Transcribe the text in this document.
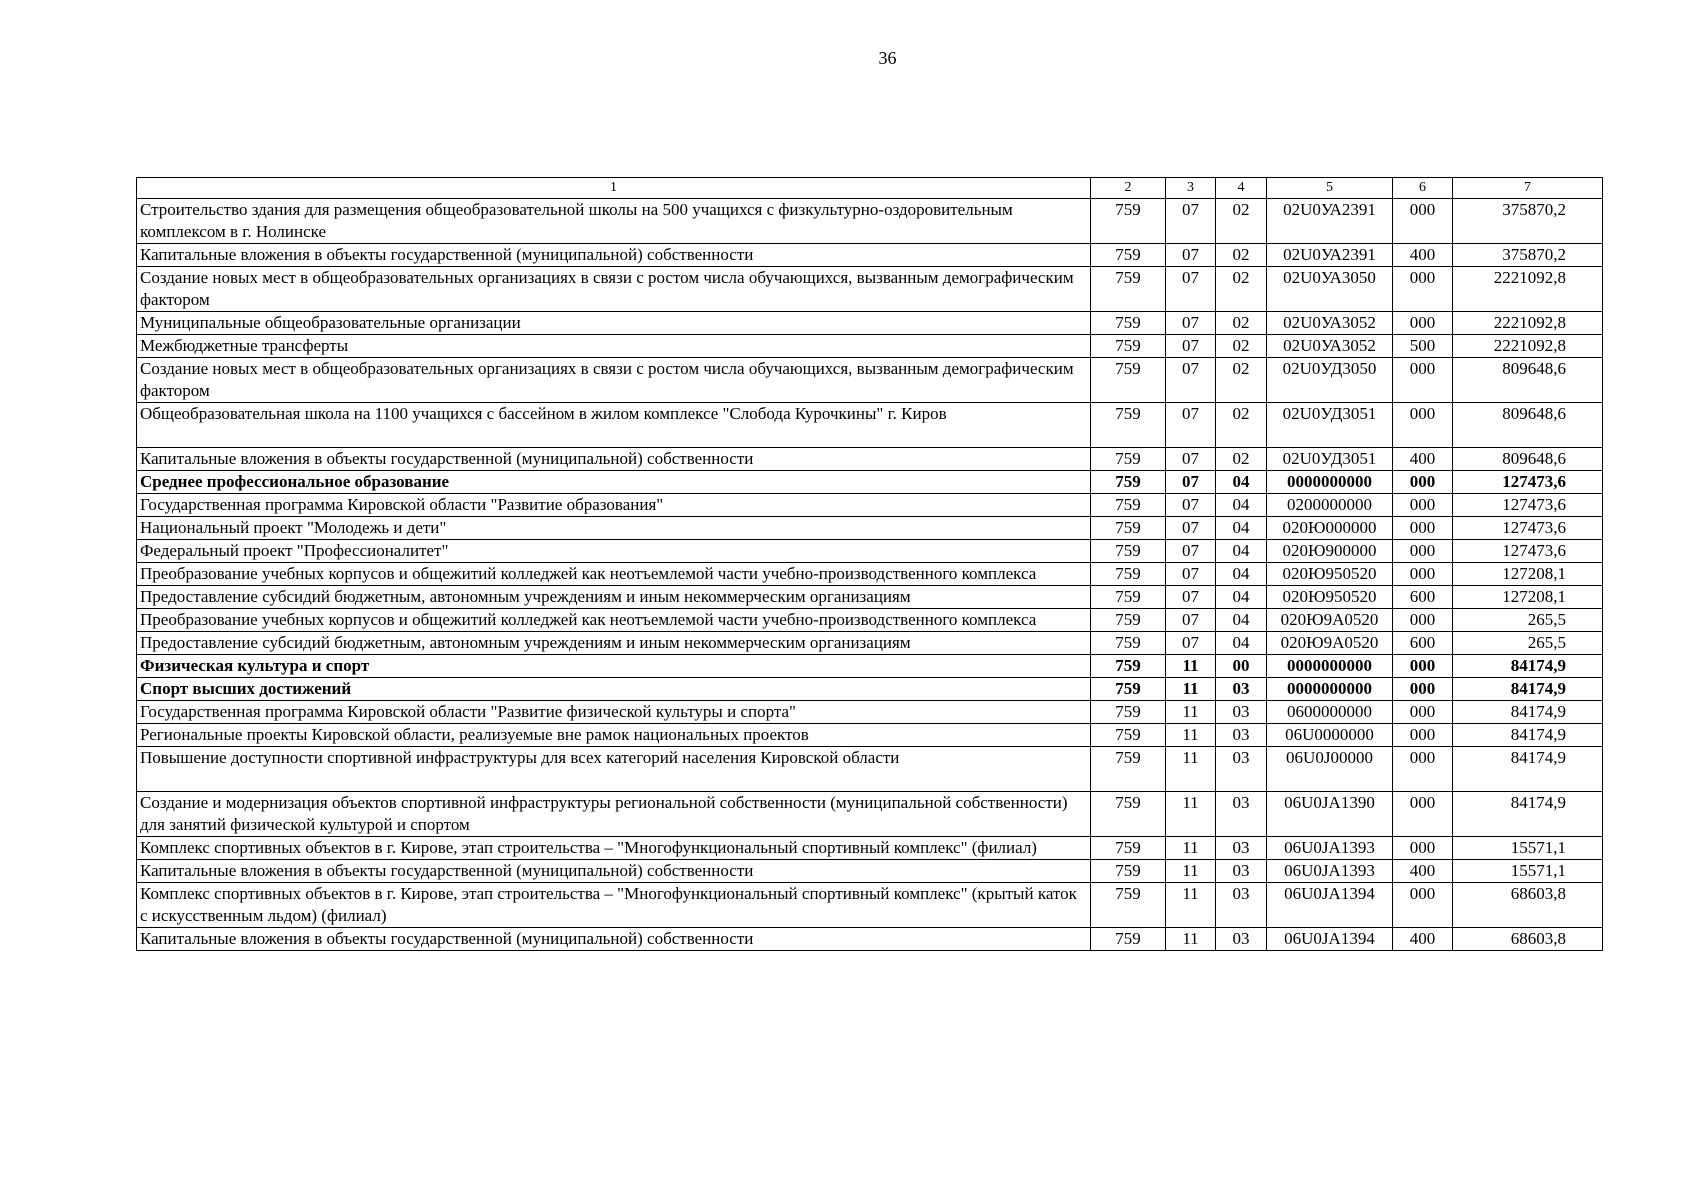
36
1	2	3	4	5	6	7
Строительство здания для размещения общеобразовательной школы на 500 учащихся с физкультурно-оздоровительным комплексом в г. Нолинске	759	07	02	02U0УА2391	000	375870,2
Капитальные вложения в объекты государственной (муниципальной) собственности	759	07	02	02U0УА2391	400	375870,2
Создание новых мест в общеобразовательных организациях в связи с ростом числа обучающихся, вызванным демографическим фактором	759	07	02	02U0УА3050	000	2221092,8
Муниципальные общеобразовательные организации	759	07	02	02U0УА3052	000	2221092,8
Межбюджетные трансферты	759	07	02	02U0УА3052	500	2221092,8
Создание новых мест в общеобразовательных организациях в связи с ростом числа обучающихся, вызванным демографическим фактором	759	07	02	02U0УД3050	000	809648,6
Общеобразовательная школа на 1100 учащихся с бассейном в жилом комплексе "Слобода Курочкины" г. Киров	759	07	02	02U0УД3051	000	809648,6
Капитальные вложения в объекты государственной (муниципальной) собственности	759	07	02	02U0УД3051	400	809648,6
Среднее профессиональное образование	759	07	04	0000000000	000	127473,6
Государственная программа Кировской области "Развитие образования"	759	07	04	0200000000	000	127473,6
Национальный проект "Молодежь и дети"	759	07	04	020Ю000000	000	127473,6
Федеральный проект "Профессионалитет"	759	07	04	020Ю900000	000	127473,6
Преобразование учебных корпусов и общежитий колледжей как неотъемлемой части учебно-производственного комплекса	759	07	04	020Ю950520	000	127208,1
Предоставление субсидий бюджетным, автономным учреждениям и иным некоммерческим организациям	759	07	04	020Ю950520	600	127208,1
Преобразование учебных корпусов и общежитий колледжей как неотъемлемой части учебно-производственного комплекса	759	07	04	020Ю9А0520	000	265,5
Предоставление субсидий бюджетным, автономным учреждениям и иным некоммерческим организациям	759	07	04	020Ю9А0520	600	265,5
Физическая культура и спорт	759	11	00	0000000000	000	84174,9
Спорт высших достижений	759	11	03	0000000000	000	84174,9
Государственная программа Кировской области "Развитие физической культуры и спорта"	759	11	03	0600000000	000	84174,9
Региональные проекты Кировской области, реализуемые вне рамок национальных проектов	759	11	03	06U0000000	000	84174,9
Повышение доступности спортивной инфраструктуры для всех категорий населения Кировской области	759	11	03	06U0J00000	000	84174,9
Создание и модернизация объектов спортивной инфраструктуры региональной собственности (муниципальной собственности) для занятий физической культурой и спортом	759	11	03	06U0JA1390	000	84174,9
Комплекс спортивных объектов в г. Кирове, этап строительства – "Многофункциональный спортивный комплекс" (филиал)	759	11	03	06U0JA1393	000	15571,1
Капитальные вложения в объекты государственной (муниципальной) собственности	759	11	03	06U0JA1393	400	15571,1
Комплекс спортивных объектов в г. Кирове, этап строительства – "Многофункциональный спортивный комплекс" (крытый каток с искусственным льдом) (филиал)	759	11	03	06U0JA1394	000	68603,8
Капитальные вложения в объекты государственной (муниципальной) собственности	759	11	03	06U0JA1394	400	68603,8
